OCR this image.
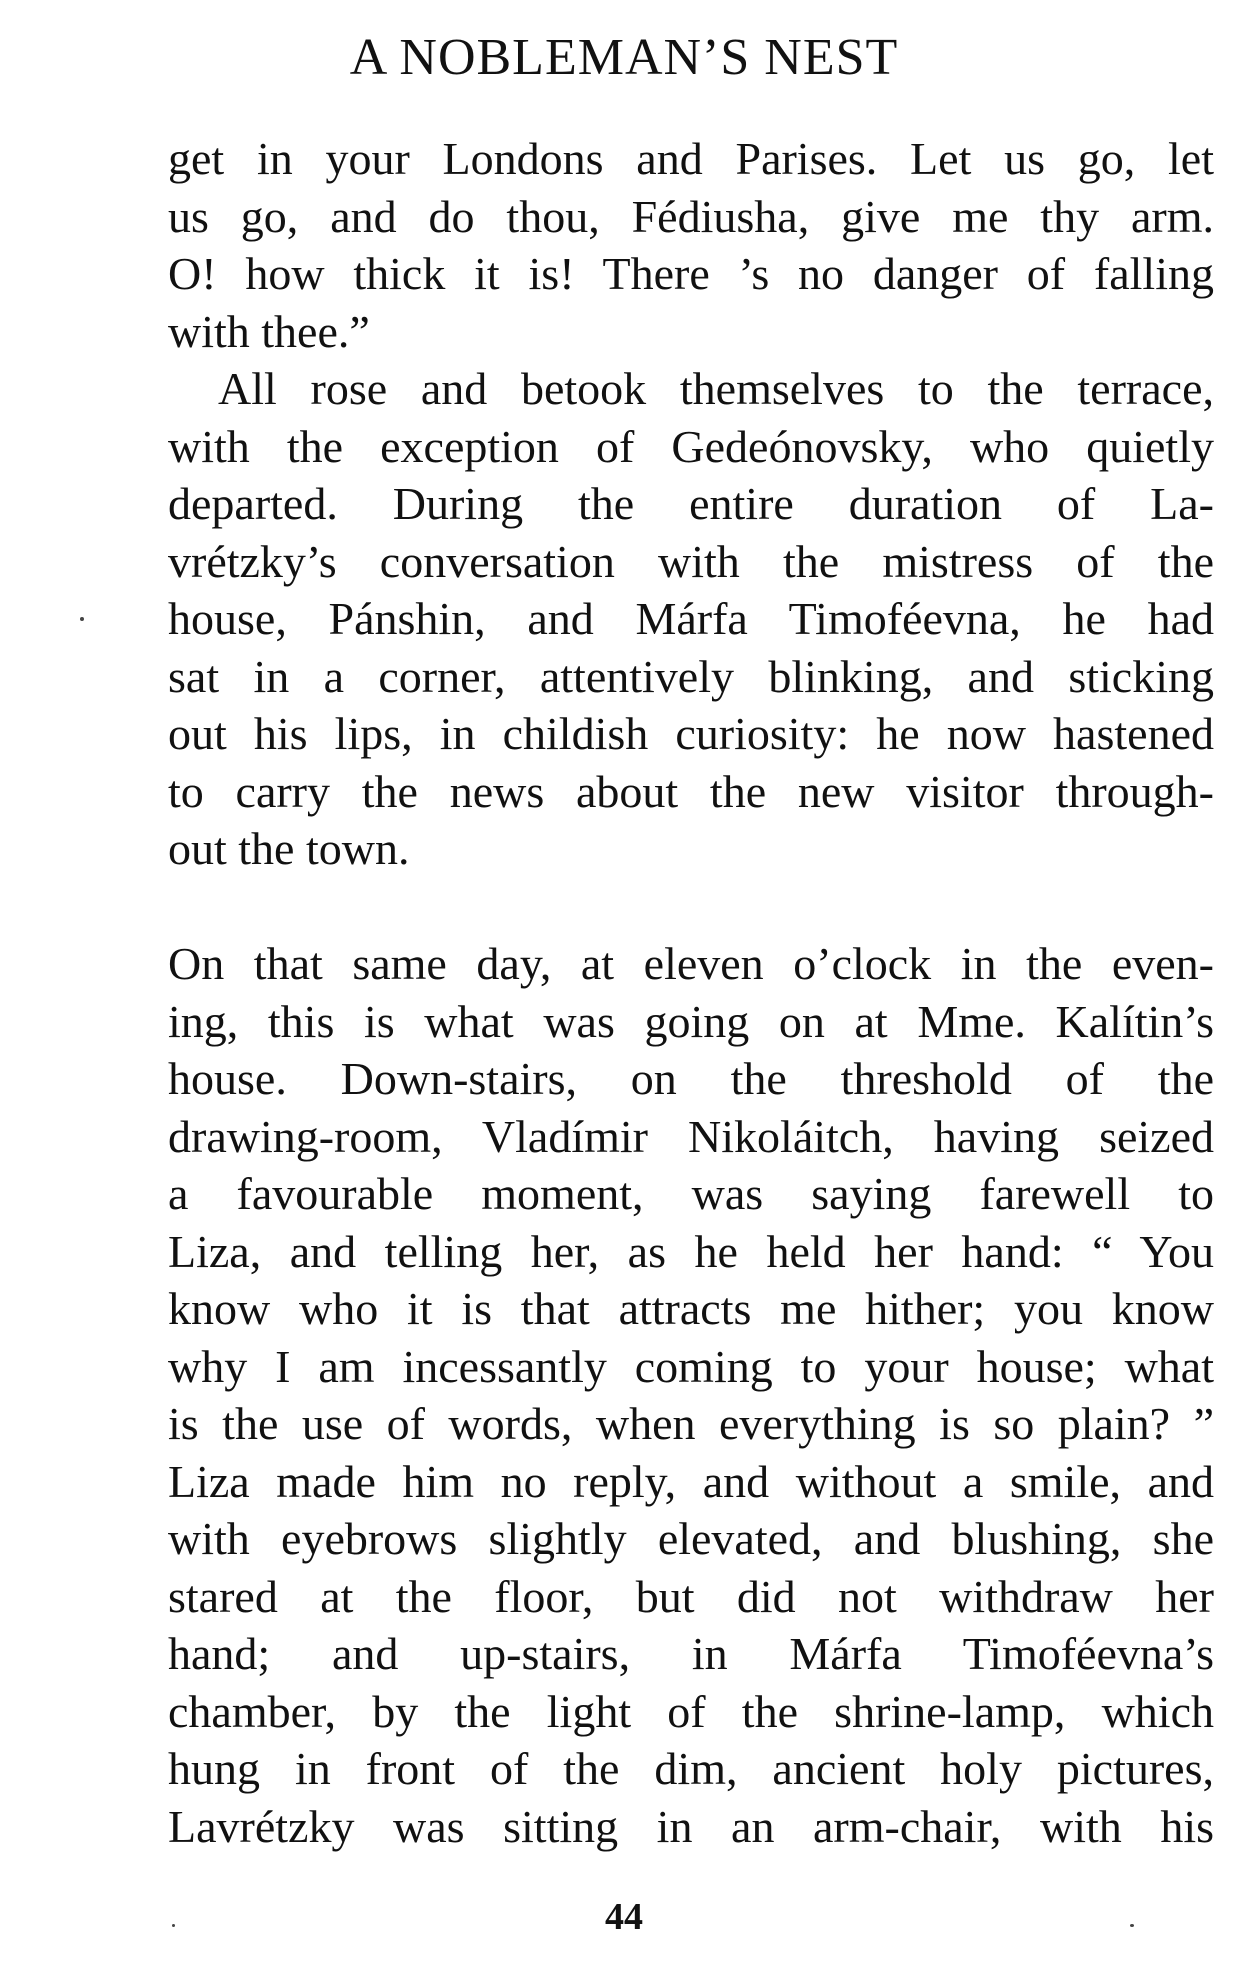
A NOBLEMAN’S NEST
get in your Londons and Parises. Let us go, let
us go, and do thou, Fédiusha, give me thy arm.
O! how thick it is! There ’s no danger of falling
with thee.”
All rose and betook themselves to the terrace,
with the exception of Gedeónovsky, who quietly
departed. During the entire duration of La-
vrétzky’s conversation with the mistress of the
house, Pánshin, and Márfa Timoféevna, he had
sat in a corner, attentively blinking, and sticking
out his lips, in childish curiosity: he now hastened
to carry the news about the new visitor through-
out the town.
On that same day, at eleven o’clock in the even-
ing, this is what was going on at Mme. Kalítin’s
house. Down-stairs, on the threshold of the
drawing-room, Vladímir Nikoláitch, having seized
a favourable moment, was saying farewell to
Liza, and telling her, as he held her hand: “ You
know who it is that attracts me hither; you know
why I am incessantly coming to your house; what
is the use of words, when everything is so plain? ”
Liza made him no reply, and without a smile, and
with eyebrows slightly elevated, and blushing, she
stared at the floor, but did not withdraw her
hand; and up-stairs, in Márfa Timoféevna’s
chamber, by the light of the shrine-lamp, which
hung in front of the dim, ancient holy pictures,
Lavrétzky was sitting in an arm-chair, with his
44
